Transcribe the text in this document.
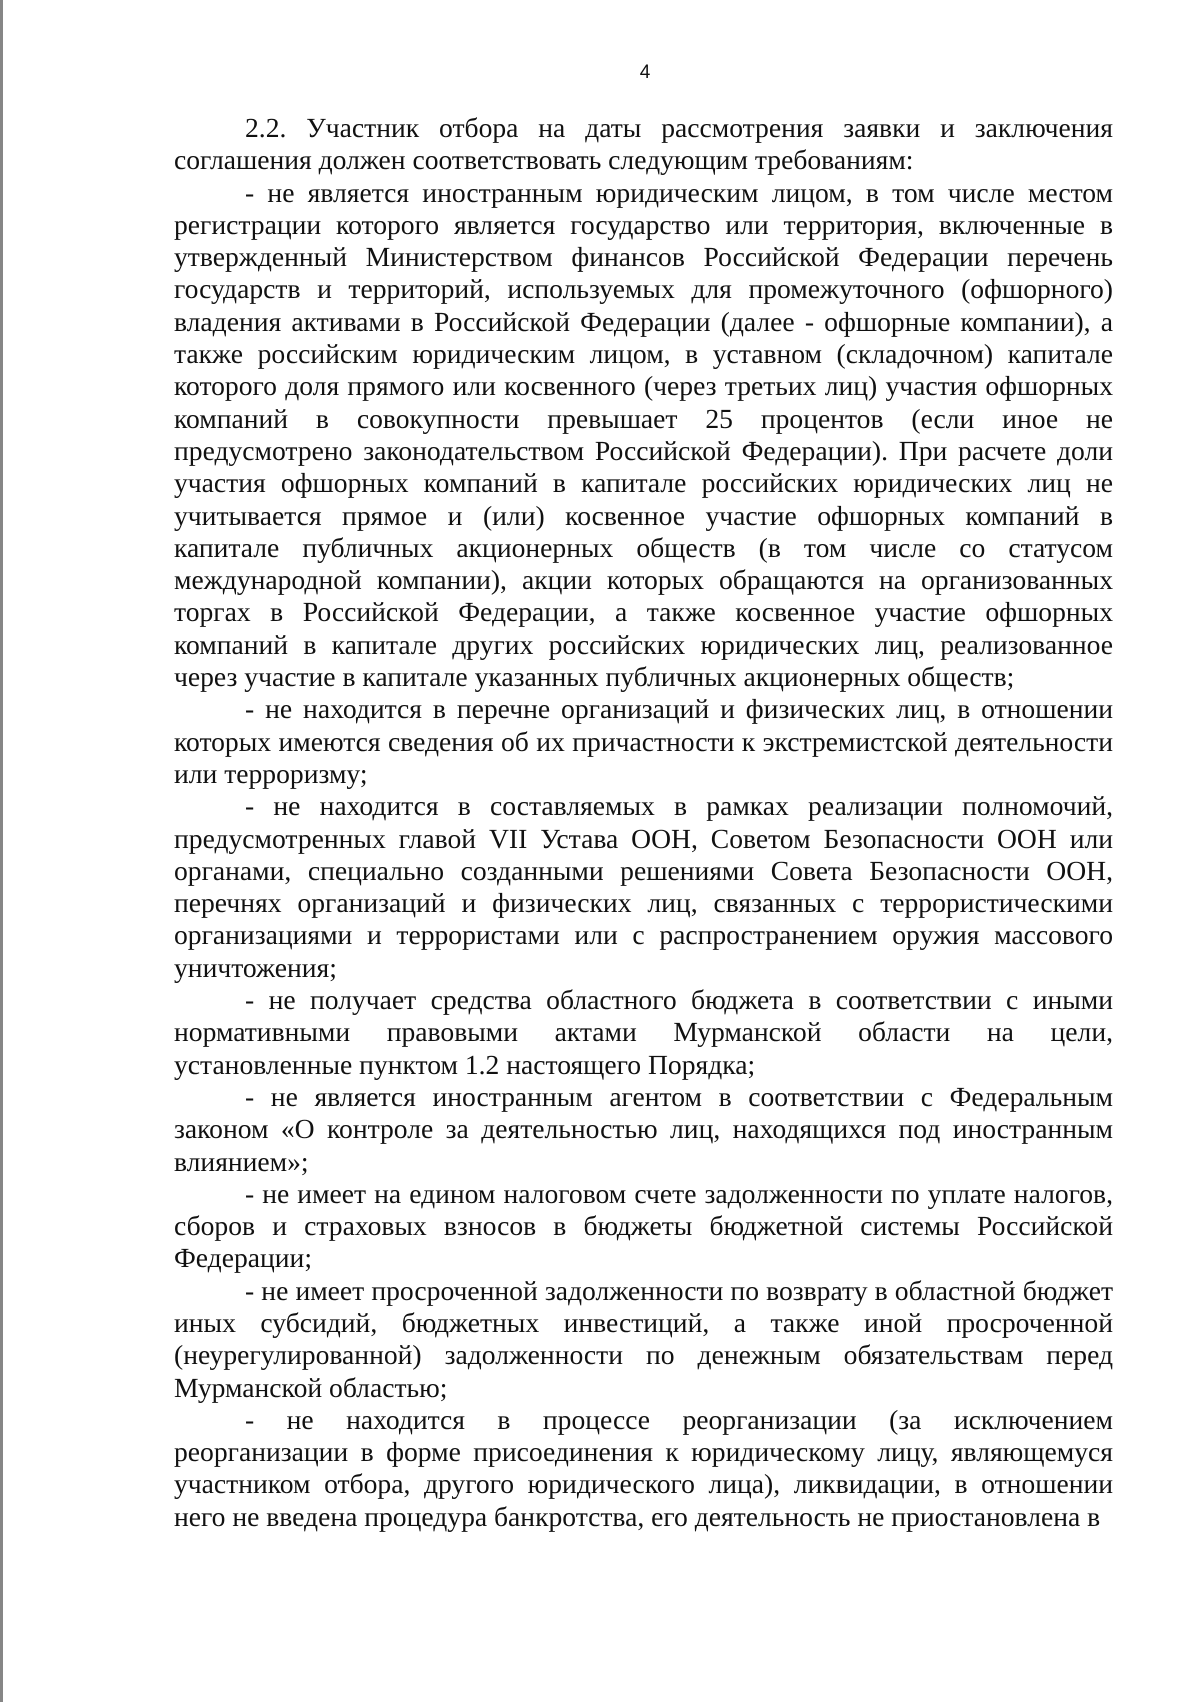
4

2.2. Участник отбора на даты рассмотрения заявки и заключения соглашения должен соответствовать следующим требованиям:

- не является иностранным юридическим лицом, в том числе местом регистрации которого является государство или территория, включенные в утвержденный Министерством финансов Российской Федерации перечень государств и территорий, используемых для промежуточного (офшорного) владения активами в Российской Федерации (далее - офшорные компании), а также российским юридическим лицом, в уставном (складочном) капитале которого доля прямого или косвенного (через третьих лиц) участия офшорных компаний в совокупности превышает 25 процентов (если иное не предусмотрено законодательством Российской Федерации). При расчете доли участия офшорных компаний в капитале российских юридических лиц не учитывается прямое и (или) косвенное участие офшорных компаний в капитале публичных акционерных обществ (в том числе со статусом международной компании), акции которых обращаются на организованных торгах в Российской Федерации, а также косвенное участие офшорных компаний в капитале других российских юридических лиц, реализованное через участие в капитале указанных публичных акционерных обществ;

- не находится в перечне организаций и физических лиц, в отношении которых имеются сведения об их причастности к экстремистской деятельности или терроризму;

- не находится в составляемых в рамках реализации полномочий, предусмотренных главой VII Устава ООН, Советом Безопасности ООН или органами, специально созданными решениями Совета Безопасности ООН, перечнях организаций и физических лиц, связанных с террористическими организациями и террористами или с распространением оружия массового уничтожения;

- не получает средства областного бюджета в соответствии с иными нормативными правовыми актами Мурманской области на цели, установленные пунктом 1.2 настоящего Порядка;

- не является иностранным агентом в соответствии с Федеральным законом «О контроле за деятельностью лиц, находящихся под иностранным влиянием»;

- не имеет на едином налоговом счете задолженности по уплате налогов, сборов и страховых взносов в бюджеты бюджетной системы Российской Федерации;

- не имеет просроченной задолженности по возврату в областной бюджет иных субсидий, бюджетных инвестиций, а также иной просроченной (неурегулированной) задолженности по денежным обязательствам перед Мурманской областью;

- не находится в процессе реорганизации (за исключением реорганизации в форме присоединения к юридическому лицу, являющемуся участником отбора, другого юридического лица), ликвидации, в отношении него не введена процедура банкротства, его деятельность не приостановлена в
